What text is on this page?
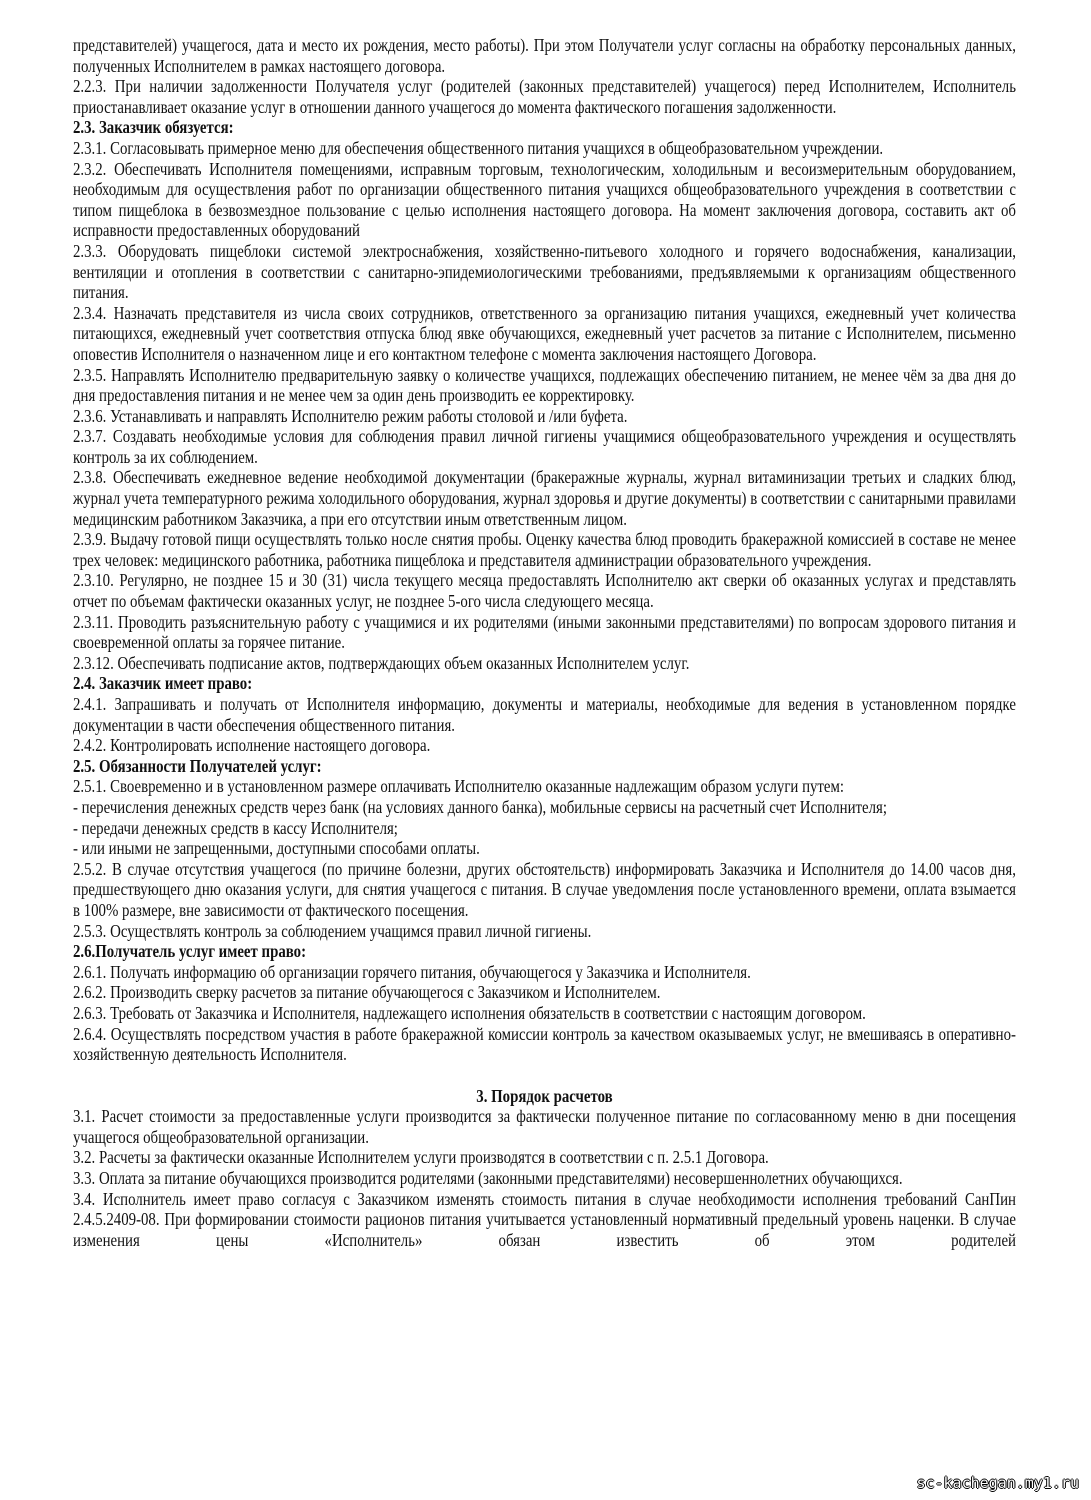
представителей) учащегося, дата и место их рождения, место работы). При этом Получатели услуг согласны на обработку персональных данных, полученных Исполнителем в рамках настоящего договора.

2.2.3. При наличии задолженности Получателя услуг (родителей (законных представителей) учащегося) перед Исполнителем, Исполнитель приостанавливает оказание услуг в отношении данного учащегося до момента фактического погашения задолженности.

2.3. Заказчик обязуется:

2.3.1. Согласовывать примерное меню для обеспечения общественного питания учащихся в общеобразовательном учреждении.

2.3.2. Обеспечивать Исполнителя помещениями, исправным торговым, технологическим, холодильным и весоизмерительным оборудованием, необходимым для осуществления работ по организации общественного питания учащихся общеобразовательного учреждения в соответствии с типом пищеблока в безвозмездное пользование с целью исполнения настоящего договора. На момент заключения договора, составить акт об исправности предоставленных оборудований

2.3.3. Оборудовать пищеблоки системой электроснабжения, хозяйственно-питьевого холодного и горячего водоснабжения, канализации, вентиляции и отопления в соответствии с санитарно-эпидемиологическими требованиями, предъявляемыми к организациям общественного питания.

2.3.4. Назначать представителя из числа своих сотрудников, ответственного за организацию питания учащихся, ежедневный учет количества питающихся, ежедневный учет соответствия отпуска блюд явке обучающихся, ежедневный учет расчетов за питание с Исполнителем, письменно оповестив Исполнителя о назначенном лице и его контактном телефоне с момента заключения настоящего Договора.

2.3.5. Направлять Исполнителю предварительную заявку о количестве учащихся, подлежащих обеспечению питанием, не менее чём за два дня до дня предоставления питания и не менее чем за один день производить ее корректировку.

2.3.6. Устанавливать и направлять Исполнителю режим работы столовой и /или буфета.

2.3.7. Создавать необходимые условия для соблюдения правил личной гигиены учащимися общеобразовательного учреждения и осуществлять контроль за их соблюдением.

2.3.8. Обеспечивать ежедневное ведение необходимой документации (бракеражные журналы, журнал витаминизации третьих и сладких блюд, журнал учета температурного режима холодильного оборудования, журнал здоровья и другие документы) в соответствии с санитарными правилами медицинским работником Заказчика, а при его отсутствии иным ответственным лицом.

2.3.9. Выдачу готовой пищи осуществлять только носле снятия пробы. Оценку качества блюд проводить бракеражной комиссией в составе не менее трех человек: медицинского работника, работника пищеблока и представителя администрации образовательного учреждения.

2.3.10. Регулярно, не позднее 15 и 30 (31) числа текущего месяца предоставлять Исполнителю акт сверки об оказанных услугах и представлять отчет по объемам фактически оказанных услуг, не позднее 5-ого числа следующего месяца.

2.3.11. Проводить разъяснительную работу с учащимися и их родителями (иными законными представителями) по вопросам здорового питания и своевременной оплаты за горячее питание.

2.3.12. Обеспечивать подписание актов, подтверждающих объем оказанных Исполнителем услуг.

2.4. Заказчик имеет право:

2.4.1. Запрашивать и получать от Исполнителя информацию, документы и материалы, необходимые для ведения в установленном порядке документации в части обеспечения общественного питания.

2.4.2. Контролировать исполнение настоящего договора.

2.5. Обязанности Получателей услуг:

2.5.1. Своевременно и в установленном размере оплачивать Исполнителю оказанные надлежащим образом услуги путем:

- перечисления денежных средств через банк (на условиях данного банка), мобильные сервисы на расчетный счет Исполнителя;

- передачи денежных средств в кассу Исполнителя;

- или иными не запрещенными, доступными способами оплаты.

2.5.2. В случае отсутствия учащегося (по причине болезни, других обстоятельств) информировать Заказчика и Исполнителя до 14.00 часов дня, предшествующего дню оказания услуги, для снятия учащегося с питания. В случае уведомления после установленного времени, оплата взымается в 100% размере, вне зависимости от фактического посещения.

2.5.3. Осуществлять контроль за соблюдением учащимся правил личной гигиены.

2.6.Получатель услуг имеет право:

2.6.1. Получать информацию об организации горячего питания, обучающегося у Заказчика и Исполнителя.

2.6.2. Производить сверку расчетов за питание обучающегося с Заказчиком и Исполнителем.

2.6.3. Требовать от Заказчика и Исполнителя, надлежащего исполнения обязательств в соответствии с настоящим договором.

2.6.4. Осуществлять посредством участия в работе бракеражной комиссии контроль за качеством оказываемых услуг, не вмешиваясь в оперативно-хозяйственную деятельность Исполнителя.

3. Порядок расчетов

3.1. Расчет стоимости за предоставленные услуги производится за фактически полученное питание по согласованному меню в дни посещения учащегося общеобразовательной организации.

3.2. Расчеты за фактически оказанные Исполнителем услуги производятся в соответствии с п. 2.5.1 Договора.

3.3. Оплата за питание обучающихся производится родителями (законными представителями) несовершеннолетних обучающихся.

3.4. Исполнитель имеет право согласуя с Заказчиком изменять стоимость питания в случае необходимости исполнения требований СанПин 2.4.5.2409-08. При формировании стоимости рационов питания учитывается установленный нормативный предельный уровень наценки. В случае изменения цены «Исполнитель» обязан известить об этом родителей

sc-kachegan.my1.ru
